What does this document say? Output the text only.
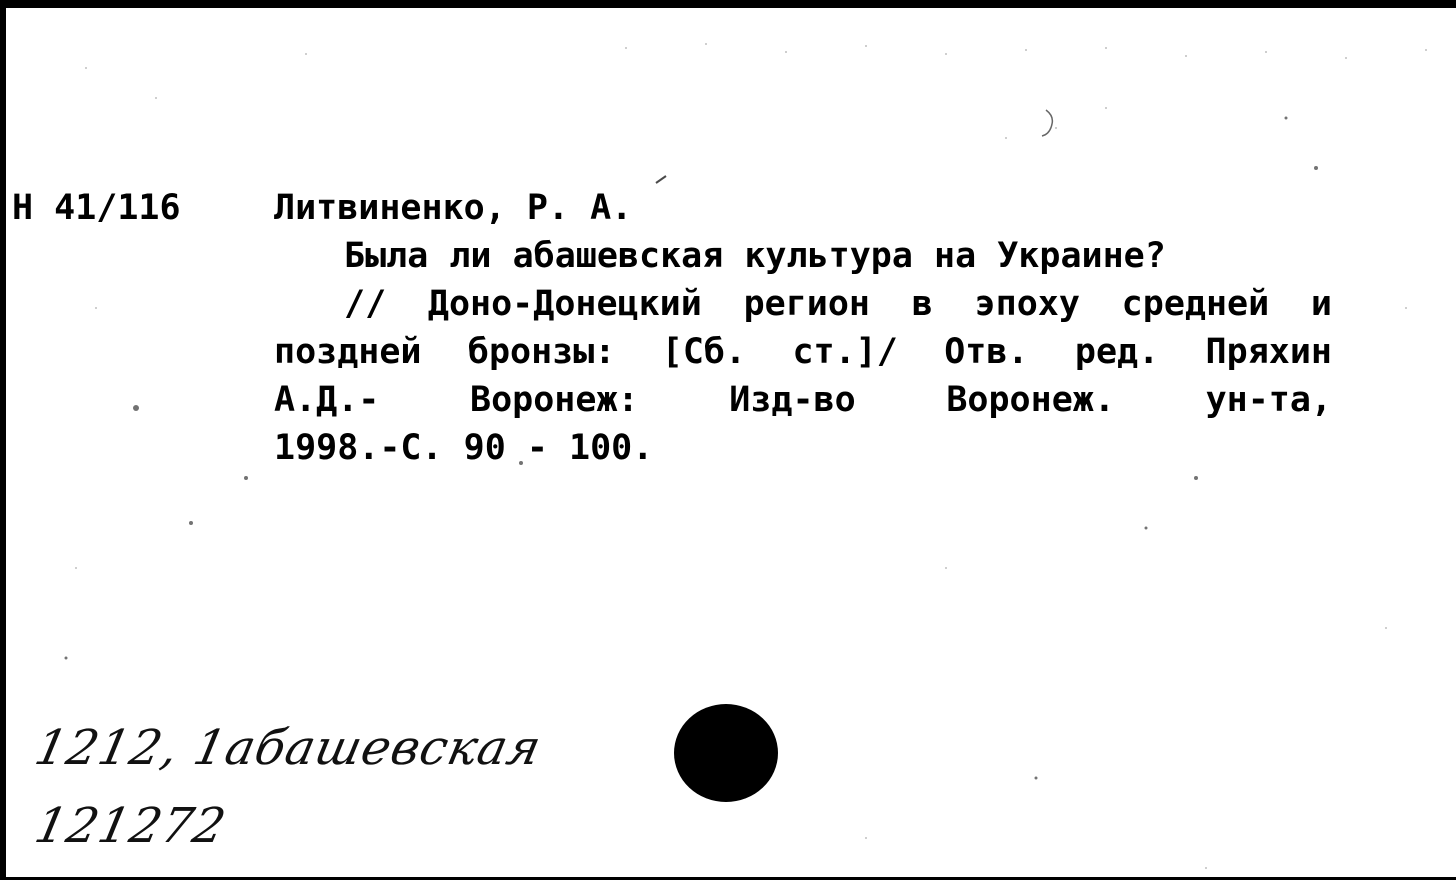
Н 41/116	Литвиненко, Р. А.

Была ли абашевская культура на Украине?

// Доно-Донецкий регион в эпоху средней и
поздней бронзы: [Сб. ст.]/ Отв. ред. Пряхин
А.Д.- Воронеж: Изд-во Воронеж. ун-та,
1998.-С. 90 - 100.
1212, 1абашевская
121272
